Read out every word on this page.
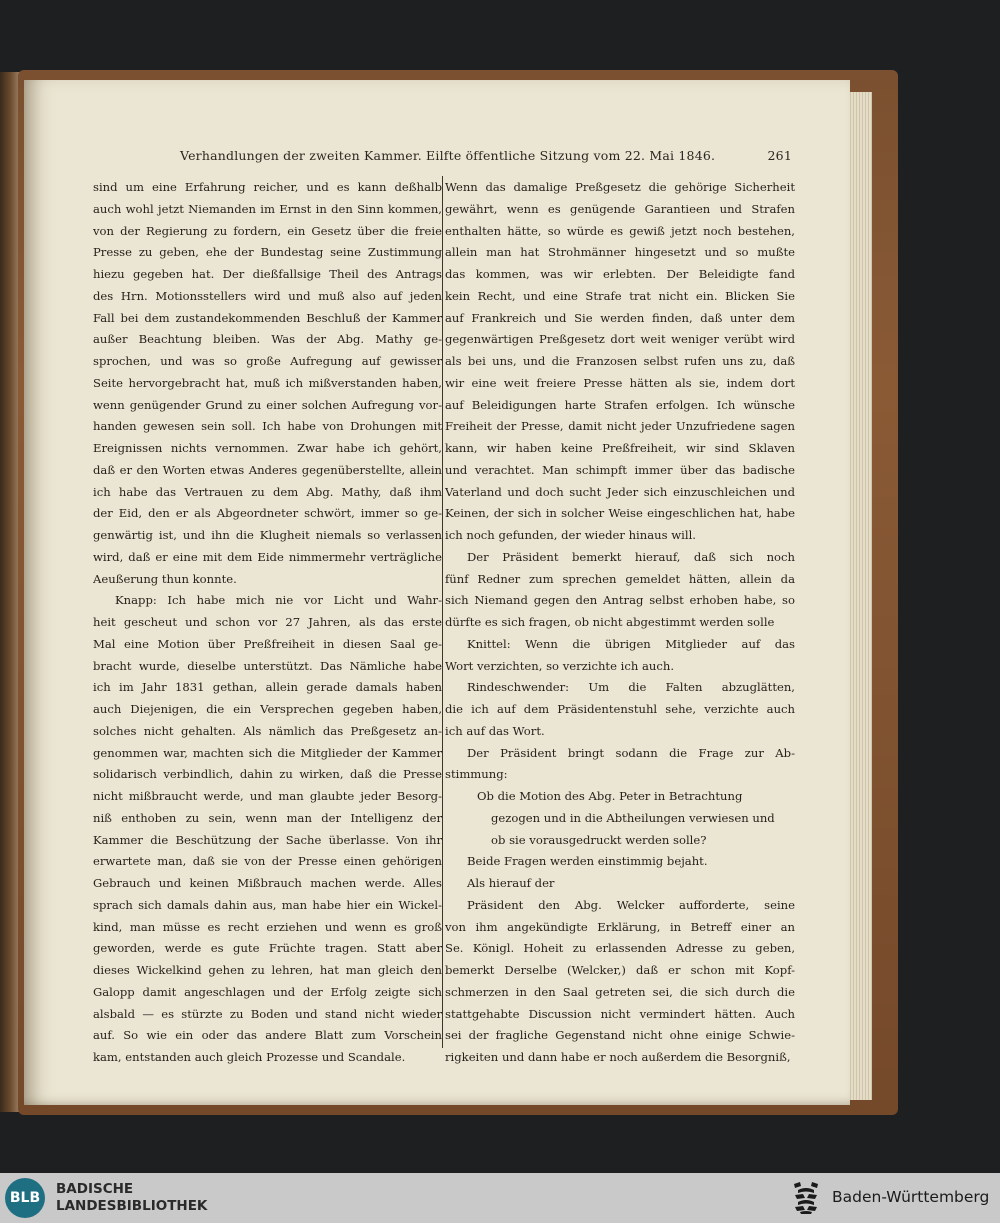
Verhandlungen der zweiten Kammer. Eilfte öffentliche Sitzung vom 22. Mai 1846.	261
sind um eine Erfahrung reicher, und es kann deßhalb
auch wohl jetzt Niemanden im Ernst in den Sinn kommen,
von der Regierung zu fordern, ein Gesetz über die freie
Presse zu geben, ehe der Bundestag seine Zustimmung
hiezu gegeben hat. Der dießfallsige Theil des Antrags
des Hrn. Motionsstellers wird und muß also auf jeden
Fall bei dem zustandekommenden Beschluß der Kammer
außer Beachtung bleiben. Was der Abg. Mathy ge-
sprochen, und was so große Aufregung auf gewisser
Seite hervorgebracht hat, muß ich mißverstanden haben,
wenn genügender Grund zu einer solchen Aufregung vor-
handen gewesen sein soll. Ich habe von Drohungen mit
Ereignissen nichts vernommen. Zwar habe ich gehört,
daß er den Worten etwas Anderes gegenüberstellte, allein
ich habe das Vertrauen zu dem Abg. Mathy, daß ihm
der Eid, den er als Abgeordneter schwört, immer so ge-
genwärtig ist, und ihn die Klugheit niemals so verlassen
wird, daß er eine mit dem Eide nimmermehr verträgliche
Aeußerung thun konnte.
Knapp: Ich habe mich nie vor Licht und Wahr-
heit gescheut und schon vor 27 Jahren, als das erste
Mal eine Motion über Preßfreiheit in diesen Saal ge-
bracht wurde, dieselbe unterstützt. Das Nämliche habe
ich im Jahr 1831 gethan, allein gerade damals haben
auch Diejenigen, die ein Versprechen gegeben haben,
solches nicht gehalten. Als nämlich das Preßgesetz an-
genommen war, machten sich die Mitglieder der Kammer
solidarisch verbindlich, dahin zu wirken, daß die Presse
nicht mißbraucht werde, und man glaubte jeder Besorg-
niß enthoben zu sein, wenn man der Intelligenz der
Kammer die Beschützung der Sache überlasse. Von ihr
erwartete man, daß sie von der Presse einen gehörigen
Gebrauch und keinen Mißbrauch machen werde. Alles
sprach sich damals dahin aus, man habe hier ein Wickel-
kind, man müsse es recht erziehen und wenn es groß
geworden, werde es gute Früchte tragen. Statt aber
dieses Wickelkind gehen zu lehren, hat man gleich den
Galopp damit angeschlagen und der Erfolg zeigte sich
alsbald — es stürzte zu Boden und stand nicht wieder
auf. So wie ein oder das andere Blatt zum Vorschein
kam, entstanden auch gleich Prozesse und Scandale.
Wenn das damalige Preßgesetz die gehörige Sicherheit
gewährt, wenn es genügende Garantieen und Strafen
enthalten hätte, so würde es gewiß jetzt noch bestehen,
allein man hat Strohmänner hingesetzt und so mußte
das kommen, was wir erlebten. Der Beleidigte fand
kein Recht, und eine Strafe trat nicht ein. Blicken Sie
auf Frankreich und Sie werden finden, daß unter dem
gegenwärtigen Preßgesetz dort weit weniger verübt wird
als bei uns, und die Franzosen selbst rufen uns zu, daß
wir eine weit freiere Presse hätten als sie, indem dort
auf Beleidigungen harte Strafen erfolgen. Ich wünsche
Freiheit der Presse, damit nicht jeder Unzufriedene sagen
kann, wir haben keine Preßfreiheit, wir sind Sklaven
und verachtet. Man schimpft immer über das badische
Vaterland und doch sucht Jeder sich einzuschleichen und
Keinen, der sich in solcher Weise eingeschlichen hat, habe
ich noch gefunden, der wieder hinaus will.
Der Präsident bemerkt hierauf, daß sich noch
fünf Redner zum sprechen gemeldet hätten, allein da
sich Niemand gegen den Antrag selbst erhoben habe, so
dürfte es sich fragen, ob nicht abgestimmt werden solle
Knittel: Wenn die übrigen Mitglieder auf das
Wort verzichten, so verzichte ich auch.
Rindeschwender: Um die Falten abzuglätten,
die ich auf dem Präsidentenstuhl sehe, verzichte auch
ich auf das Wort.
Der Präsident bringt sodann die Frage zur Ab-
stimmung:
Ob die Motion des Abg. Peter in Betrachtung
gezogen und in die Abtheilungen verwiesen und
ob sie vorausgedruckt werden solle?
Beide Fragen werden einstimmig bejaht.
Als hierauf der
Präsident den Abg. Welcker aufforderte, seine
von ihm angekündigte Erklärung, in Betreff einer an
Se. Königl. Hoheit zu erlassenden Adresse zu geben,
bemerkt Derselbe (Welcker,) daß er schon mit Kopf-
schmerzen in den Saal getreten sei, die sich durch die
stattgehabte Discussion nicht vermindert hätten. Auch
sei der fragliche Gegenstand nicht ohne einige Schwie-
rigkeiten und dann habe er noch außerdem die Besorgniß,
BLB
BADISCHE
LANDESBIBLIOTHEK	Baden-Württemberg
